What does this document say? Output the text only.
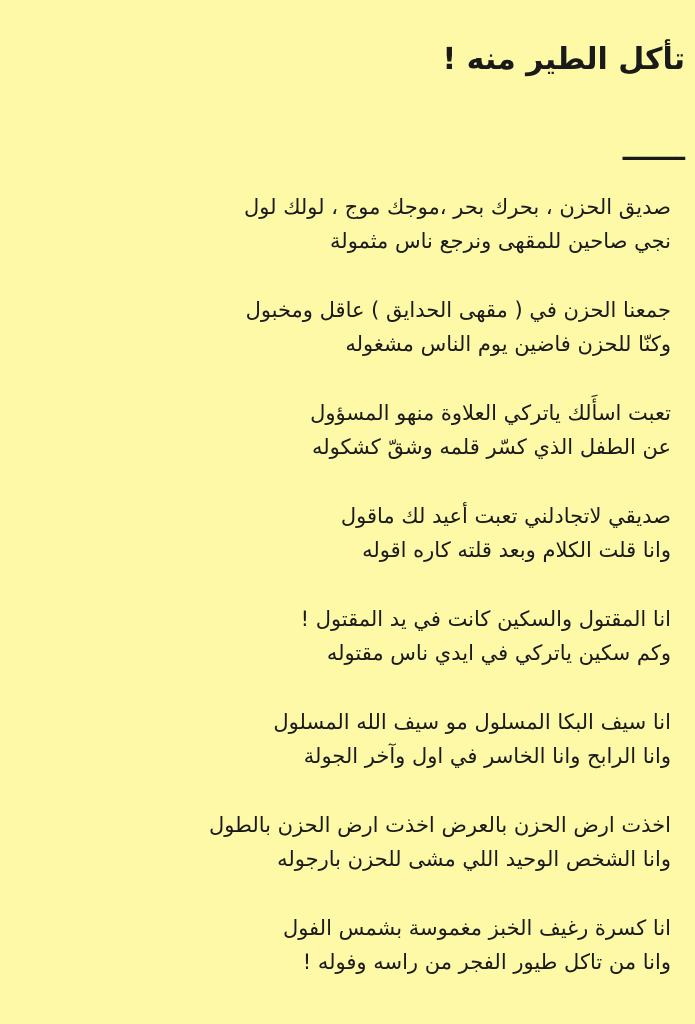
تأكل الطير منه !
ـــــــ
صديق الحزن ، بحرك بحر ،موجك موج ، لولك لول
نجي صاحين للمقهى ونرجع ناس مثمولة
جمعنا الحزن في ( مقهى الحدايق ) عاقل ومخبول
وكنّا للحزن فاضين يوم الناس مشغوله
تعبت اسأَلك ياتركي العلاوة منهو المسؤول
عن الطفل الذي كسّر قلمه وشقّ كشكوله
صديقي لاتجادلني تعبت أعيد لك ماقول
وانا قلت الكلام وبعد قلته كاره اقوله
انا المقتول والسكين كانت في يد المقتول !
وكم سكين ياتركي في ايدي ناس مقتوله
انا سيف البكا المسلول مو سيف الله المسلول
وانا الرابح وانا الخاسر في اول وآخر الجولة
اخذت ارض الحزن بالعرض اخذت ارض الحزن بالطول
وانا الشخص الوحيد اللي مشى للحزن بارجوله
انا كسرة رغيف الخبز مغموسة بشمس الفول
وانا من تاكل طيور الفجر من راسه وفوله !
